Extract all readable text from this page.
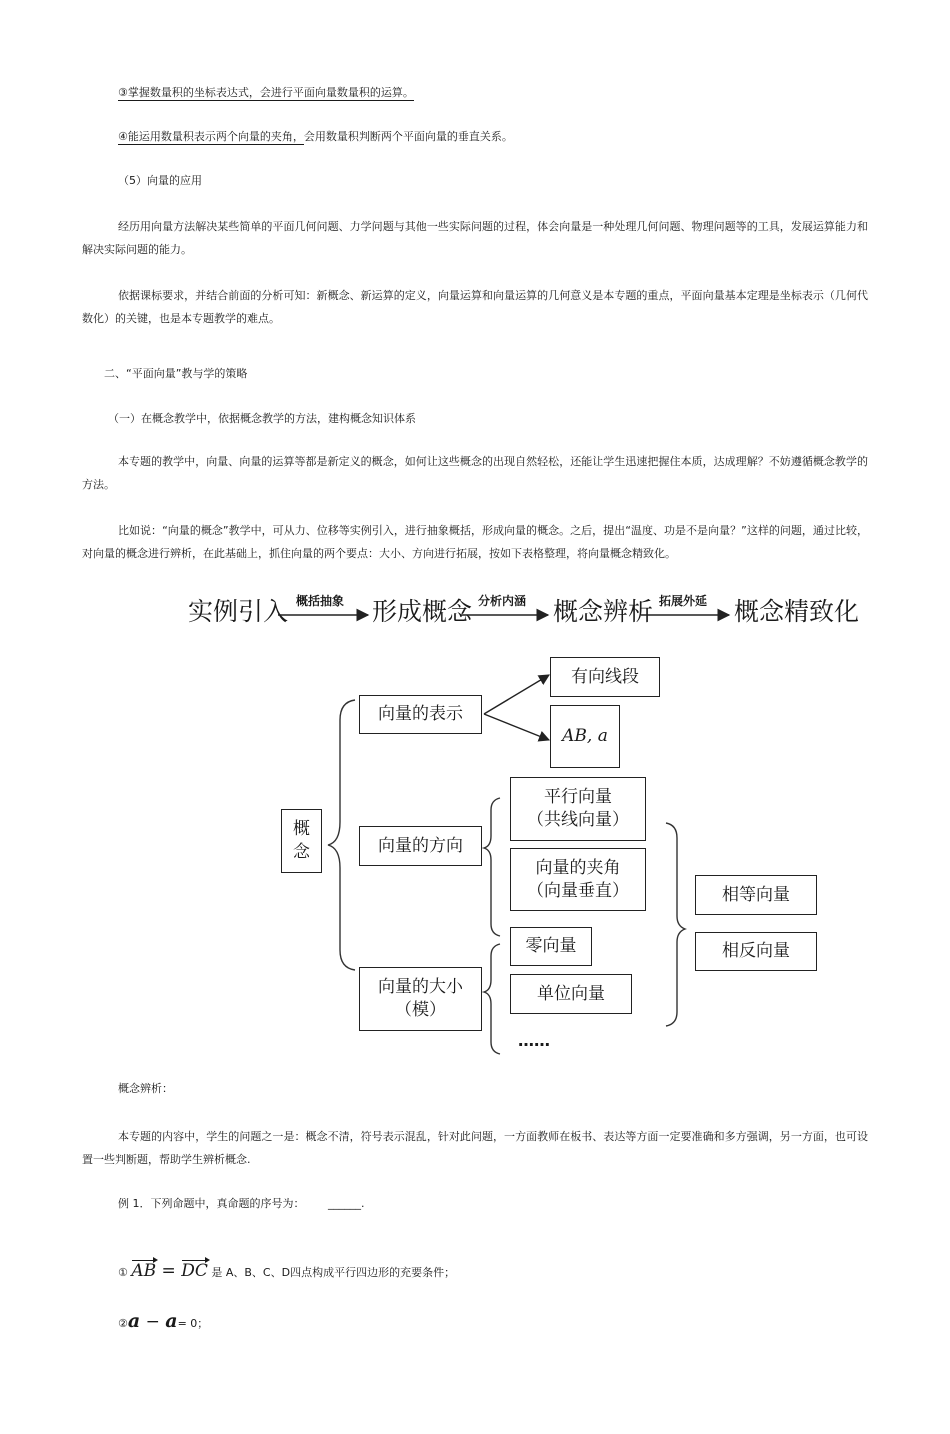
③掌握数量积的坐标表达式，会进行平面向量数量积的运算。
④能运用数量积表示两个向量的夹角，会用数量积判断两个平面向量的垂直关系。
（5）向量的应用
经历用向量方法解决某些简单的平面几何问题、力学问题与其他一些实际问题的过程，体会向量是一种处理几何问题、物理问题等的工具，发展运算能力和解决实际问题的能力。
依据课标要求，并结合前面的分析可知：新概念、新运算的定义，向量运算和向量运算的几何意义是本专题的重点，平面向量基本定理是坐标表示（几何代数化）的关键，也是本专题教学的难点。
二、“平面向量”教与学的策略
（一）在概念教学中，依据概念教学的方法，建构概念知识体系
本专题的教学中，向量、向量的运算等都是新定义的概念，如何让这些概念的出现自然轻松，还能让学生迅速把握住本质，达成理解？不妨遵循概念教学的方法。
比如说：“向量的概念”教学中，可从力、位移等实例引入，进行抽象概括，形成向量的概念。之后，提出“温度、功是不是向量？”这样的问题，通过比较，对向量的概念进行辨析，在此基础上，抓住向量的两个要点：大小、方向进行拓展，按如下表格整理，将向量概念精致化。
实例引入	形成概念	概念辨析	概念精致化
概括抽象	分析内涵	拓展外延
概
念
向量的表示
有向线段
AB, a
向量的方向
平行向量
（共线向量）
向量的夹角
（向量垂直）
向量的大小
（模）
零向量
单位向量
……
相等向量
相反向量
概念辨析：
本专题的内容中，学生的问题之一是：概念不清，符号表示混乱，针对此问题，一方面教师在板书、表达等方面一定要准确和多方强调，另一方面，也可设置一些判断题，帮助学生辨析概念.
例 1．下列命题中，真命题的序号为： ______.
① AB = DC 是 A、B、C、D四点构成平行四边形的充要条件；
②a − a= 0；
